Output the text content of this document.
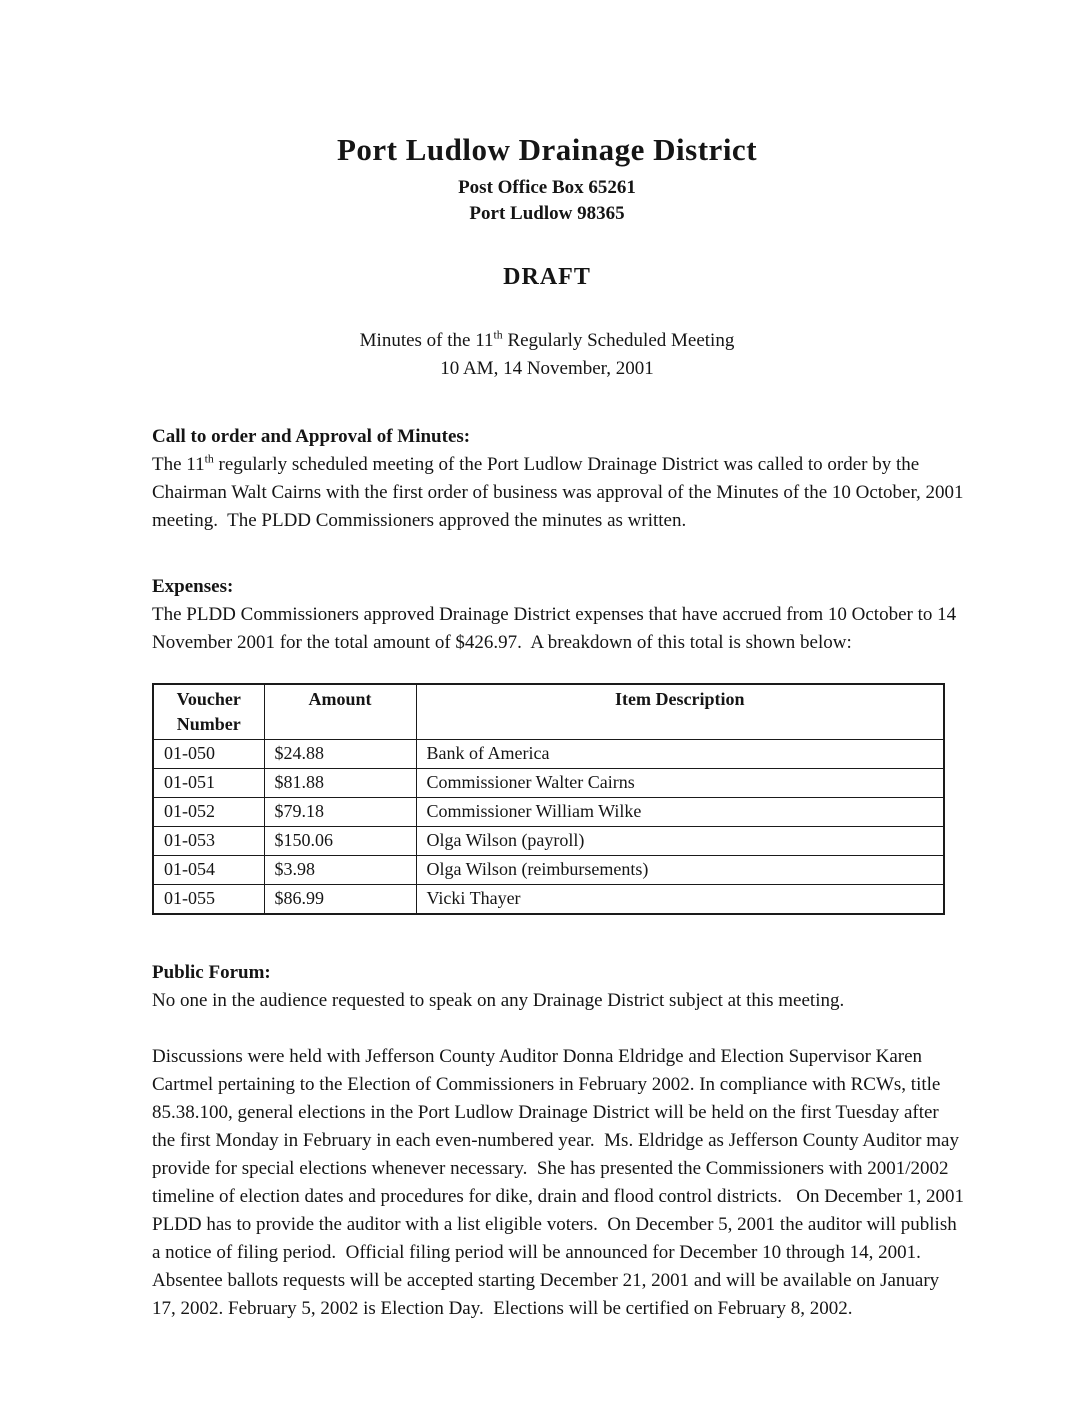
Port Ludlow Drainage District
Post Office Box 65261
Port Ludlow 98365
DRAFT
Minutes of the 11th Regularly Scheduled Meeting
10 AM, 14 November, 2001
Call to order and Approval of Minutes:

The 11th regularly scheduled meeting of the Port Ludlow Drainage District was called to order by the Chairman Walt Cairns with the first order of business was approval of the Minutes of the 10 October, 2001 meeting.  The PLDD Commissioners approved the minutes as written.

Expenses:

The PLDD Commissioners approved Drainage District expenses that have accrued from 10 October to 14 November 2001 for the total amount of $426.97.  A breakdown of this total is shown below:

Voucher Number	Amount	Item Description
01-050	$24.88	Bank of America
01-051	$81.88	Commissioner Walter Cairns
01-052	$79.18	Commissioner William Wilke
01-053	$150.06	Olga Wilson (payroll)
01-054	$3.98	Olga Wilson (reimbursements)
01-055	$86.99	Vicki Thayer
Public Forum:

No one in the audience requested to speak on any Drainage District subject at this meeting.

Discussions were held with Jefferson County Auditor Donna Eldridge and Election Supervisor Karen Cartmel pertaining to the Election of Commissioners in February 2002. In compliance with RCWs, title 85.38.100, general elections in the Port Ludlow Drainage District will be held on the first Tuesday after the first Monday in February in each even-numbered year.  Ms. Eldridge as Jefferson County Auditor may provide for special elections whenever necessary.  She has presented the Commissioners with 2001/2002 timeline of election dates and procedures for dike, drain and flood control districts.   On December 1, 2001 PLDD has to provide the auditor with a list eligible voters.  On December 5, 2001 the auditor will publish a notice of filing period.  Official filing period will be announced for December 10 through 14, 2001.  Absentee ballots requests will be accepted starting December 21, 2001 and will be available on January 17, 2002. February 5, 2002 is Election Day.  Elections will be certified on February 8, 2002.
